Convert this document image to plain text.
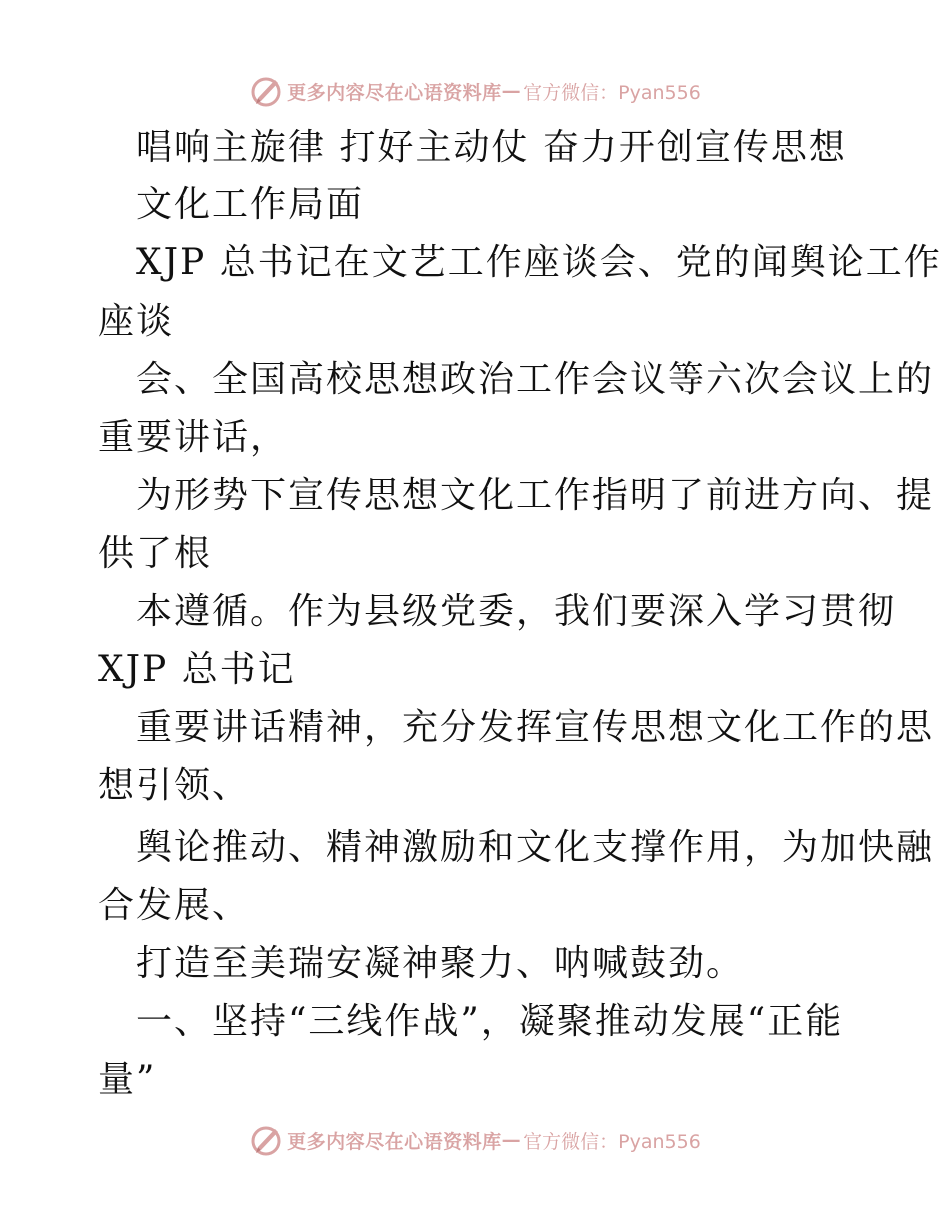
更多内容尽在心语资料库 — 官方微信：Pyan556
唱响主旋律 打好主动仗 奋力开创宣传思想
文化工作局面
XJP 总书记在文艺工作座谈会、党的闻舆论工作
座谈
会、全国高校思想政治工作会议等六次会议上的
重要讲话，
为形势下宣传思想文化工作指明了前进方向、提
供了根
本遵循。作为县级党委，我们要深入学习贯彻
XJP 总书记
重要讲话精神，充分发挥宣传思想文化工作的思
想引领、
舆论推动、精神激励和文化支撑作用，为加快融
合发展、
打造至美瑞安凝神聚力、呐喊鼓劲。
一、坚持“三线作战”，凝聚推动发展“正能
量”
更多内容尽在心语资料库 — 官方微信：Pyan556
